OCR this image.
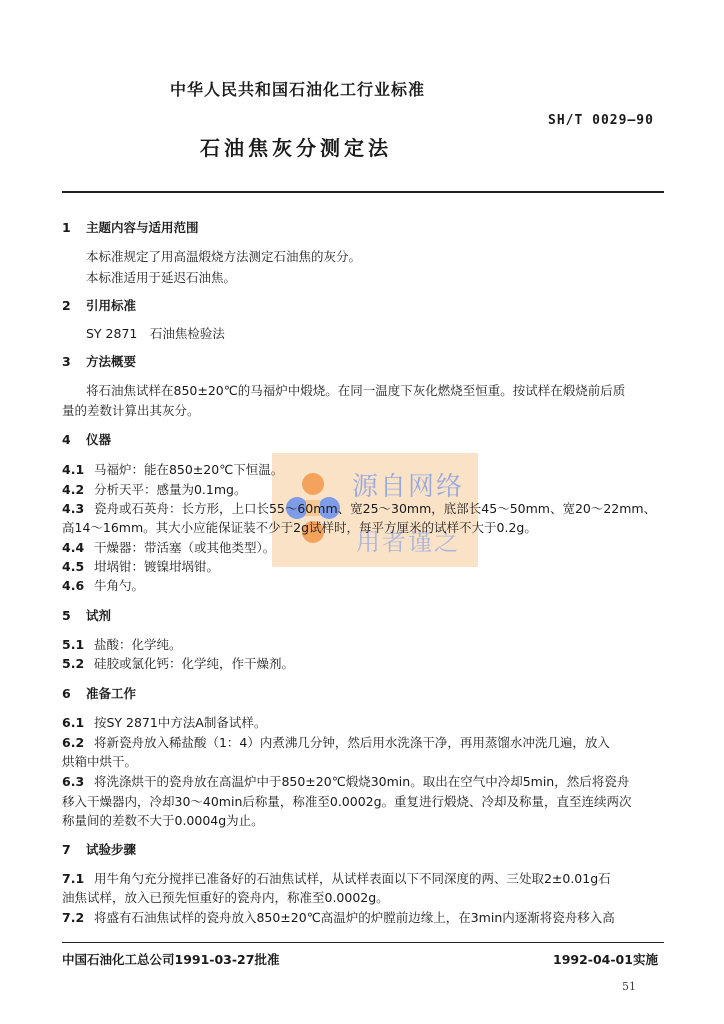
中华人民共和国石油化工行业标准
SH/T 0029—90
石油焦灰分测定法
源自网络
用者谨之
1 主题内容与适用范围
本标准规定了用高温煅烧方法测定石油焦的灰分。
本标准适用于延迟石油焦。
2 引用标准
SY 2871　石油焦检验法
3 方法概要
将石油焦试样在850±20℃的马福炉中煅烧。在同一温度下灰化燃烧至恒重。按试样在煅烧前后质
量的差数计算出其灰分。
4 仪器
4.1 马福炉：能在850±20℃下恒温。
4.2 分析天平：感量为0.1mg。
4.3 瓷舟或石英舟：长方形，上口长55～60mm、宽25～30mm，底部长45～50mm、宽20～22mm、
高14～16mm。其大小应能保证装不少于2g试样时，每平方厘米的试样不大于0.2g。
4.4 干燥器：带活塞（或其他类型）。
4.5 坩埚钳：镀镍坩埚钳。
4.6 牛角勺。
5 试剂
5.1 盐酸：化学纯。
5.2 硅胶或氯化钙：化学纯，作干燥剂。
6 准备工作
6.1 按SY 2871中方法A制备试样。
6.2 将新瓷舟放入稀盐酸（1：4）内煮沸几分钟，然后用水洗涤干净，再用蒸馏水冲洗几遍，放入
烘箱中烘干。
6.3 将洗涤烘干的瓷舟放在高温炉中于850±20℃煅烧30min。取出在空气中冷却5min，然后将瓷舟
移入干燥器内，冷却30～40min后称量，称准至0.0002g。重复进行煅烧、冷却及称量，直至连续两次
称量间的差数不大于0.0004g为止。
7 试验步骤
7.1 用牛角勺充分搅拌已准备好的石油焦试样，从试样表面以下不同深度的两、三处取2±0.01g石
油焦试样，放入已预先恒重好的瓷舟内，称准至0.0002g。
7.2 将盛有石油焦试样的瓷舟放入850±20℃高温炉的炉膛前边缘上，在3min内逐渐将瓷舟移入高
中国石油化工总公司1991-03-27批准	1992-04-01实施
51
